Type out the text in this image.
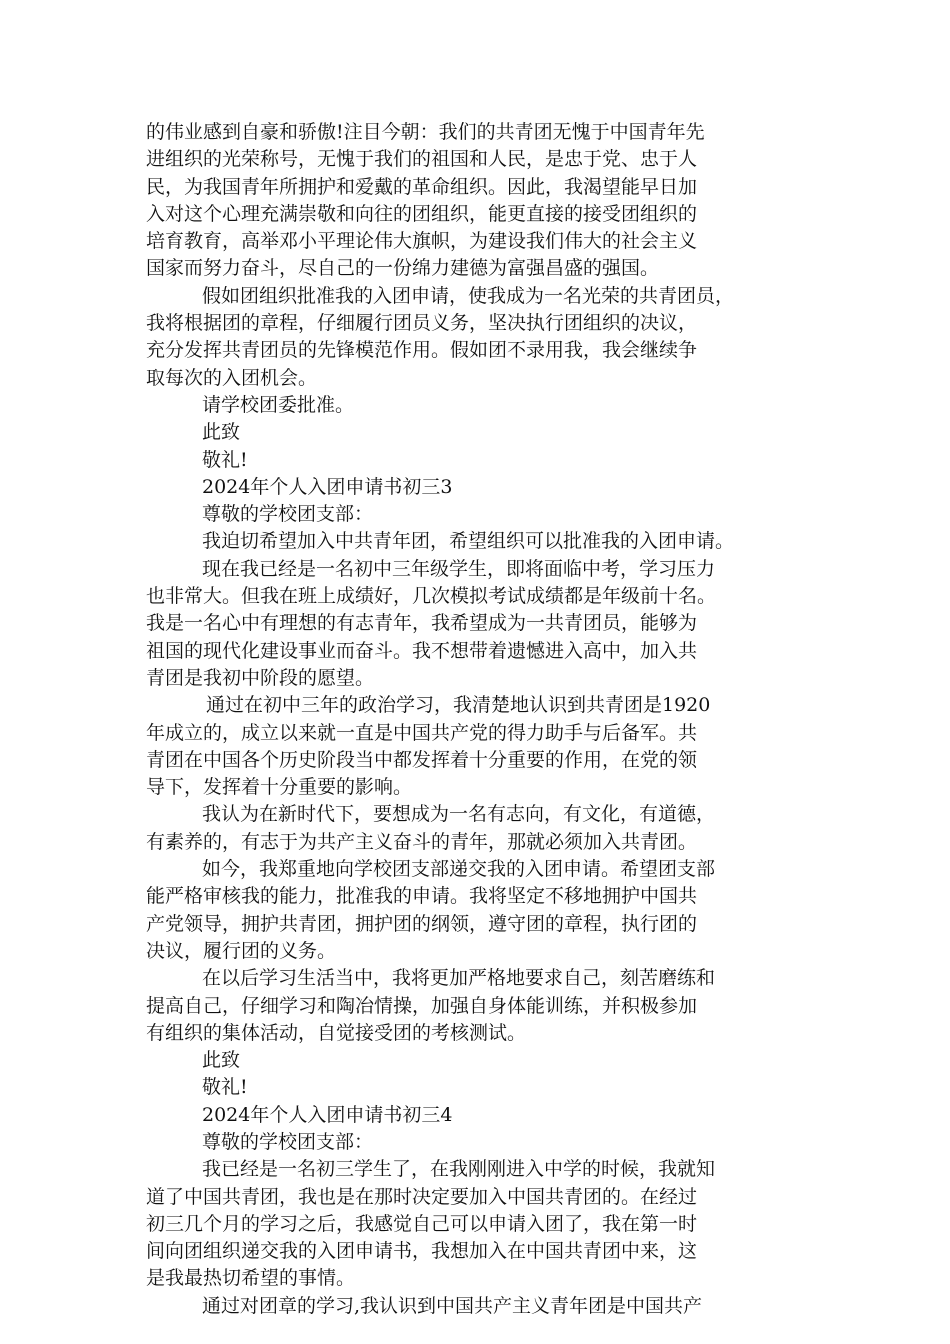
的伟业感到自豪和骄傲!注目今朝：我们的共青团无愧于中国青年先
进组织的光荣称号，无愧于我们的祖国和人民，是忠于党、忠于人
民，为我国青年所拥护和爱戴的革命组织。因此，我渴望能早日加
入对这个心理充满崇敬和向往的团组织，能更直接的接受团组织的
培育教育，高举邓小平理论伟大旗帜，为建设我们伟大的社会主义
国家而努力奋斗，尽自己的一份绵力建德为富强昌盛的强国。
假如团组织批准我的入团申请，使我成为一名光荣的共青团员，
我将根据团的章程，仔细履行团员义务，坚决执行团组织的决议，
充分发挥共青团员的先锋模范作用。假如团不录用我，我会继续争
取每次的入团机会。
请学校团委批准。
此致
敬礼!
2024年个人入团申请书初三3
尊敬的学校团支部：
我迫切希望加入中共青年团，希望组织可以批准我的入团申请。
现在我已经是一名初中三年级学生，即将面临中考，学习压力
也非常大。但我在班上成绩好，几次模拟考试成绩都是年级前十名。
我是一名心中有理想的有志青年，我希望成为一共青团员，能够为
祖国的现代化建设事业而奋斗。我不想带着遗憾进入高中，加入共
青团是我初中阶段的愿望。
通过在初中三年的政治学习，我清楚地认识到共青团是1920
年成立的，成立以来就一直是中国共产党的得力助手与后备军。共
青团在中国各个历史阶段当中都发挥着十分重要的作用，在党的领
导下，发挥着十分重要的影响。
我认为在新时代下，要想成为一名有志向，有文化，有道德，
有素养的，有志于为共产主义奋斗的青年，那就必须加入共青团。
如今，我郑重地向学校团支部递交我的入团申请。希望团支部
能严格审核我的能力，批准我的申请。我将坚定不移地拥护中国共
产党领导，拥护共青团，拥护团的纲领，遵守团的章程，执行团的
决议，履行团的义务。
在以后学习生活当中，我将更加严格地要求自己，刻苦磨练和
提高自己，仔细学习和陶冶情操，加强自身体能训练，并积极参加
有组织的集体活动，自觉接受团的考核测试。
此致
敬礼!
2024年个人入团申请书初三4
尊敬的学校团支部：
我已经是一名初三学生了，在我刚刚进入中学的时候，我就知
道了中国共青团，我也是在那时决定要加入中国共青团的。在经过
初三几个月的学习之后，我感觉自己可以申请入团了，我在第一时
间向团组织递交我的入团申请书，我想加入在中国共青团中来，这
是我最热切希望的事情。
通过对团章的学习,我认识到中国共产主义青年团是中国共产
